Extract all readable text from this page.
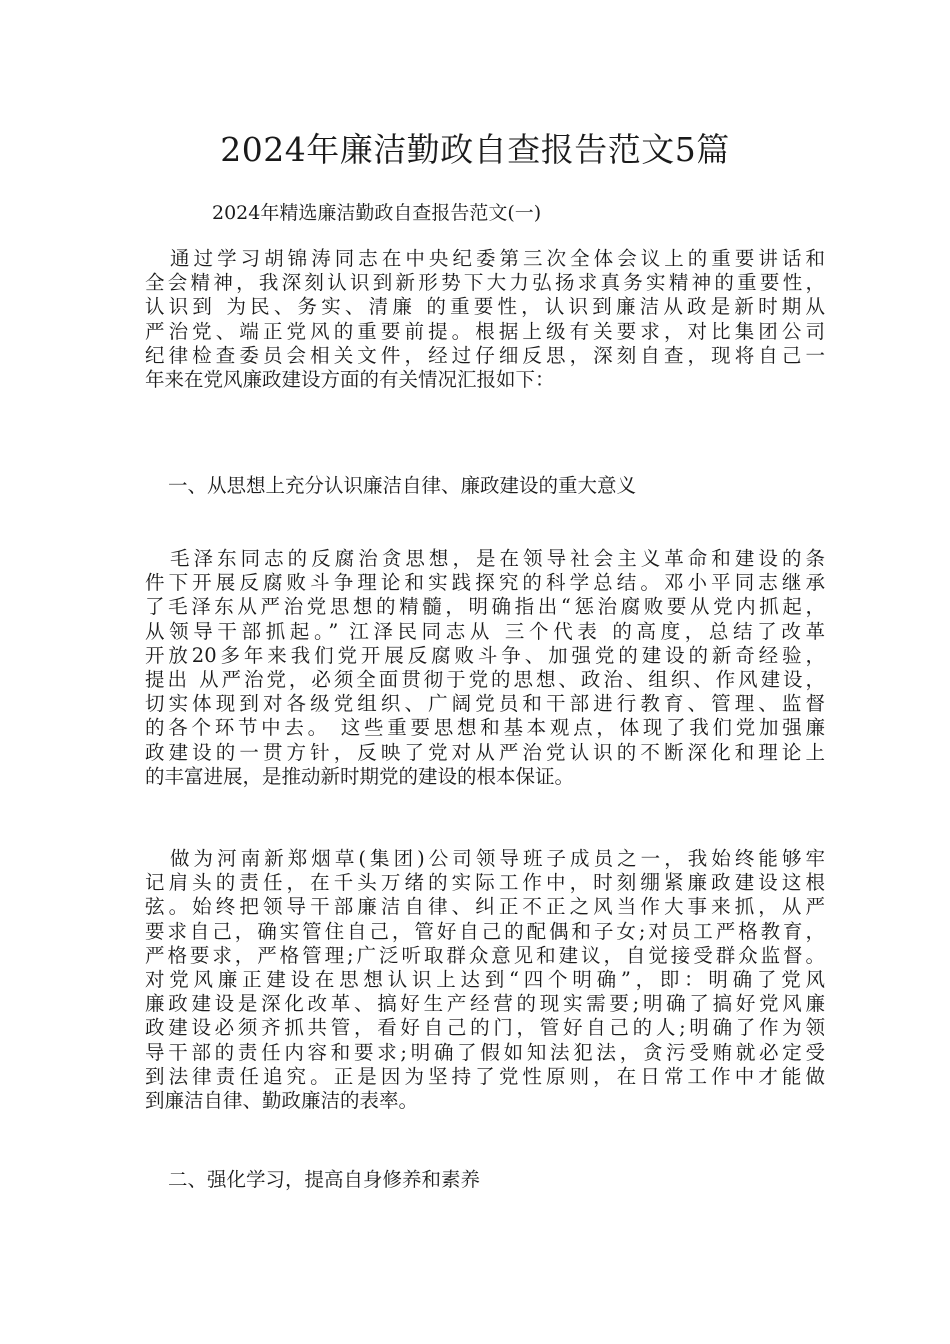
2024年廉洁勤政自查报告范文5篇

2024年精选廉洁勤政自查报告范文(一)

通过学习胡锦涛同志在中央纪委第三次全体会议上的重要讲话和
全会精神，我深刻认识到新形势下大力弘扬求真务实精神的重要性，
认识到 为民、务实、清廉 的重要性，认识到廉洁从政是新时期从
严治党、端正党风的重要前提。根据上级有关要求，对比集团公司
纪律检查委员会相关文件，经过仔细反思，深刻自查，现将自己一
年来在党风廉政建设方面的有关情况汇报如下：
一、从思想上充分认识廉洁自律、廉政建设的重大意义
毛泽东同志的反腐治贪思想，是在领导社会主义革命和建设的条
件下开展反腐败斗争理论和实践探究的科学总结。邓小平同志继承
了毛泽东从严治党思想的精髓，明确指出“惩治腐败要从党内抓起，
从领导干部抓起。” 江泽民同志从 三个代表 的高度，总结了改革
开放20多年来我们党开展反腐败斗争、加强党的建设的新奇经验，
提出 从严治党，必须全面贯彻于党的思想、政治、组织、作风建设，
切实体现到对各级党组织、广阔党员和干部进行教育、管理、监督
的各个环节中去。 这些重要思想和基本观点，体现了我们党加强廉
政建设的一贯方针，反映了党对从严治党认识的不断深化和理论上
的丰富进展，是推动新时期党的建设的根本保证。
做为河南新郑烟草(集团)公司领导班子成员之一，我始终能够牢
记肩头的责任，在千头万绪的实际工作中，时刻绷紧廉政建设这根
弦。始终把领导干部廉洁自律、纠正不正之风当作大事来抓，从严
要求自己，确实管住自己，管好自己的配偶和子女;对员工严格教育，
严格要求，严格管理;广泛听取群众意见和建议，自觉接受群众监督。
对党风廉正建设在思想认识上达到“四个明确”，即：明确了党风
廉政建设是深化改革、搞好生产经营的现实需要;明确了搞好党风廉
政建设必须齐抓共管，看好自己的门，管好自己的人;明确了作为领
导干部的责任内容和要求;明确了假如知法犯法，贪污受贿就必定受
到法律责任追究。正是因为坚持了党性原则，在日常工作中才能做
到廉洁自律、勤政廉洁的表率。
二、强化学习，提高自身修养和素养
